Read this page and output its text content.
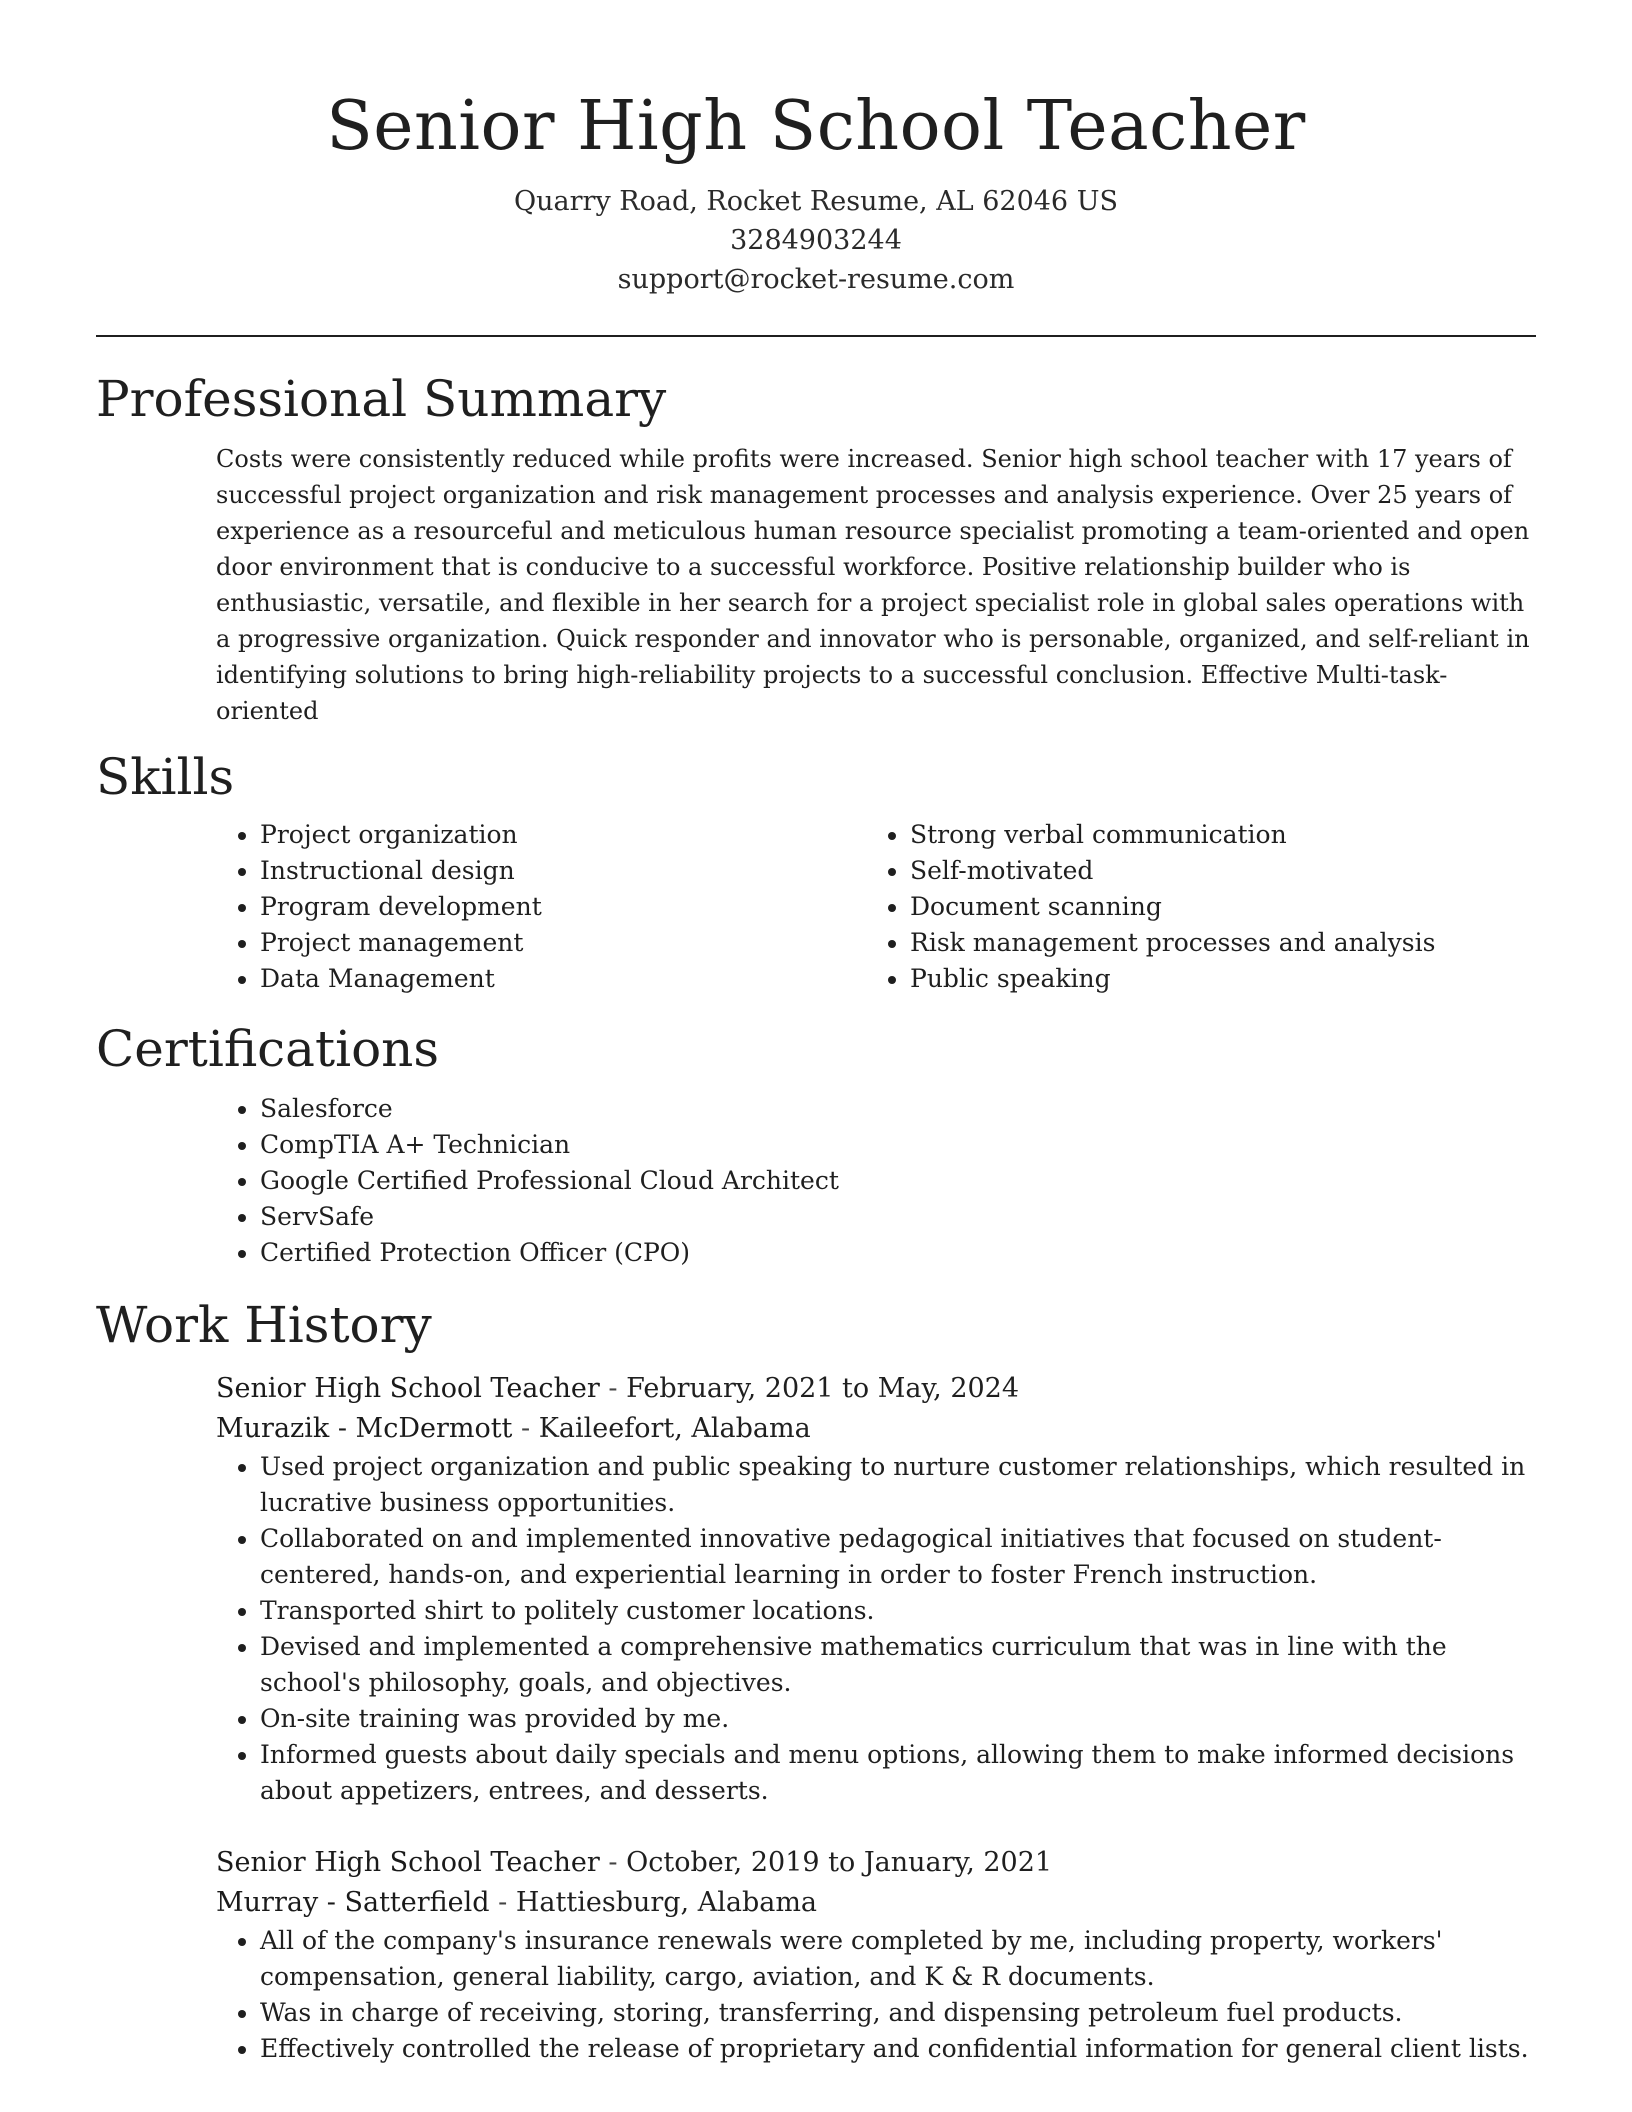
Senior High School Teacher
Quarry Road, Rocket Resume, AL 62046 US
3284903244
support@rocket-resume.com
Professional Summary
Costs were consistently reduced while profits were increased. Senior high school teacher with 17 years of successful project organization and risk management processes and analysis experience. Over 25 years of experience as a resourceful and meticulous human resource specialist promoting a team-oriented and open door environment that is conducive to a successful workforce. Positive relationship builder who is enthusiastic, versatile, and flexible in her search for a project specialist role in global sales operations with a progressive organization. Quick responder and innovator who is personable, organized, and self-reliant in identifying solutions to bring high-reliability projects to a successful conclusion. Effective Multi-task-oriented
Skills
• Project organization
• Instructional design
• Program development
• Project management
• Data Management
• Strong verbal communication
• Self-motivated
• Document scanning
• Risk management processes and analysis
• Public speaking
Certifications
• Salesforce
• CompTIA A+ Technician
• Google Certified Professional Cloud Architect
• ServSafe
• Certified Protection Officer (CPO)
Work History
Senior High School Teacher - February, 2021 to May, 2024
Murazik - McDermott - Kaileefort, Alabama
• Used project organization and public speaking to nurture customer relationships, which resulted in lucrative business opportunities.
• Collaborated on and implemented innovative pedagogical initiatives that focused on student-centered, hands-on, and experiential learning in order to foster French instruction.
• Transported shirt to politely customer locations.
• Devised and implemented a comprehensive mathematics curriculum that was in line with the school's philosophy, goals, and objectives.
• On-site training was provided by me.
• Informed guests about daily specials and menu options, allowing them to make informed decisions about appetizers, entrees, and desserts.
Senior High School Teacher - October, 2019 to January, 2021
Murray - Satterfield - Hattiesburg, Alabama
• All of the company's insurance renewals were completed by me, including property, workers' compensation, general liability, cargo, aviation, and K & R documents.
• Was in charge of receiving, storing, transferring, and dispensing petroleum fuel products.
• Effectively controlled the release of proprietary and confidential information for general client lists.
